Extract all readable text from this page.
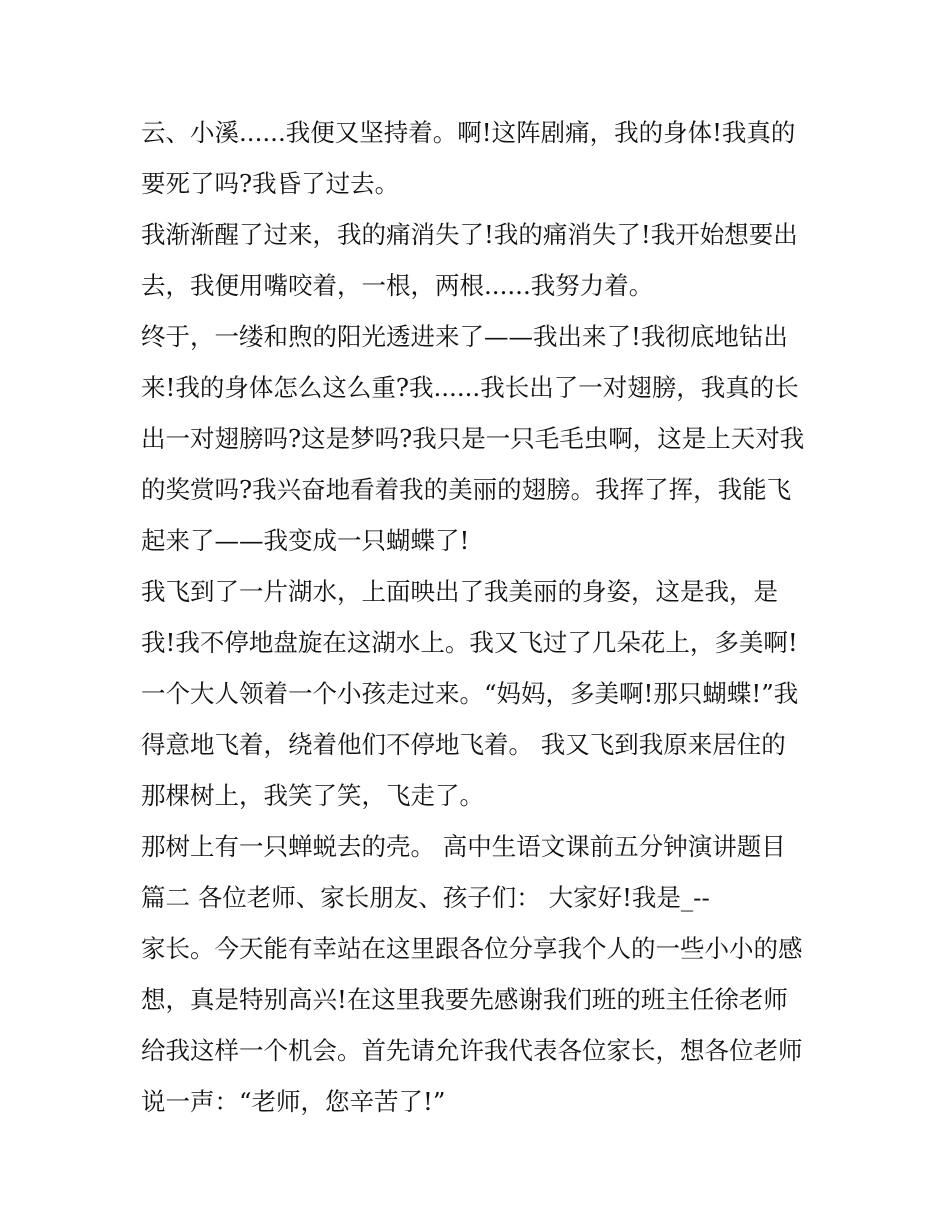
云、小溪......我便又坚持着。啊!这阵剧痛，我的身体!我真的
要死了吗?我昏了过去。
我渐渐醒了过来，我的痛消失了!我的痛消失了!我开始想要出
去，我便用嘴咬着，一根，两根......我努力着。
终于，一缕和煦的阳光透进来了——我出来了!我彻底地钻出
来!我的身体怎么这么重?我......我长出了一对翅膀，我真的长
出一对翅膀吗?这是梦吗?我只是一只毛毛虫啊，这是上天对我
的奖赏吗?我兴奋地看着我的美丽的翅膀。我挥了挥，我能飞
起来了——我变成一只蝴蝶了!
我飞到了一片湖水，上面映出了我美丽的身姿，这是我，是
我!我不停地盘旋在这湖水上。我又飞过了几朵花上，多美啊!
一个大人领着一个小孩走过来。“妈妈，多美啊!那只蝴蝶!”我
得意地飞着，绕着他们不停地飞着。 我又飞到我原来居住的
那棵树上，我笑了笑，飞走了。
那树上有一只蝉蜕去的壳。 高中生语文课前五分钟演讲题目
篇二 各位老师、家长朋友、孩子们： 大家好!我是_--
家长。今天能有幸站在这里跟各位分享我个人的一些小小的感
想，真是特别高兴!在这里我要先感谢我们班的班主任徐老师
给我这样一个机会。首先请允许我代表各位家长，想各位老师
说一声：“老师，您辛苦了!”
